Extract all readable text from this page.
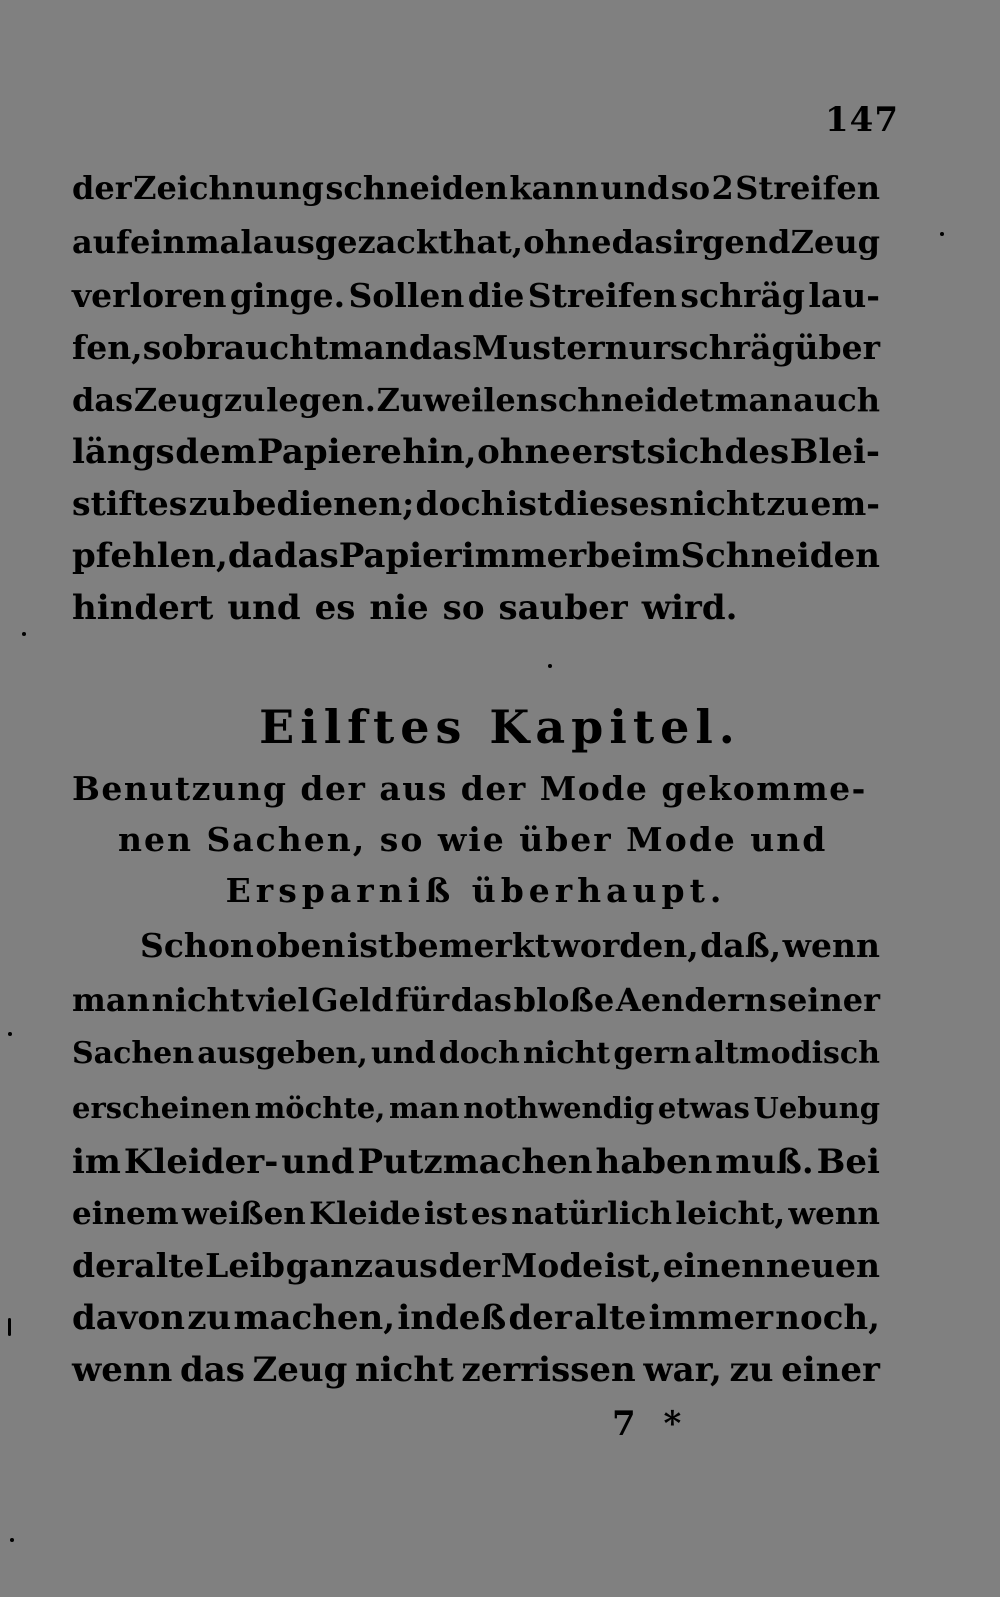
147
der Zeichnung schneiden kann und so 2 Streifen
auf einmal ausgezackt hat, ohne das irgend Zeug
verloren ginge. Sollen die Streifen schräg lau-
fen, so braucht man das Muster nur schräg über
das Zeug zu legen. Zuweilen schneidet man auch
längs dem Papiere hin, ohne erst sich des Blei-
stiftes zu bedienen; doch ist dieses nicht zu em-
pfehlen, da das Papier immer beim Schneiden
hindert und es nie so sauber wird.
Eilftes Kapitel.
Benutzung der aus der Mode gekomme-
nen Sachen, so wie über Mode und
Ersparniß überhaupt.
Schon oben ist bemerkt worden, daß, wenn
man nicht viel Geld für das bloße Aendern seiner
Sachen ausgeben, und doch nicht gern altmodisch
erscheinen möchte, man nothwendig etwas Uebung
im Kleider- und Putzmachen haben muß. Bei
einem weißen Kleide ist es natürlich leicht, wenn
der alte Leib ganz aus der Mode ist, einen neuen
davon zu machen, indeß der alte immer noch,
wenn das Zeug nicht zerrissen war, zu einer
7 *
